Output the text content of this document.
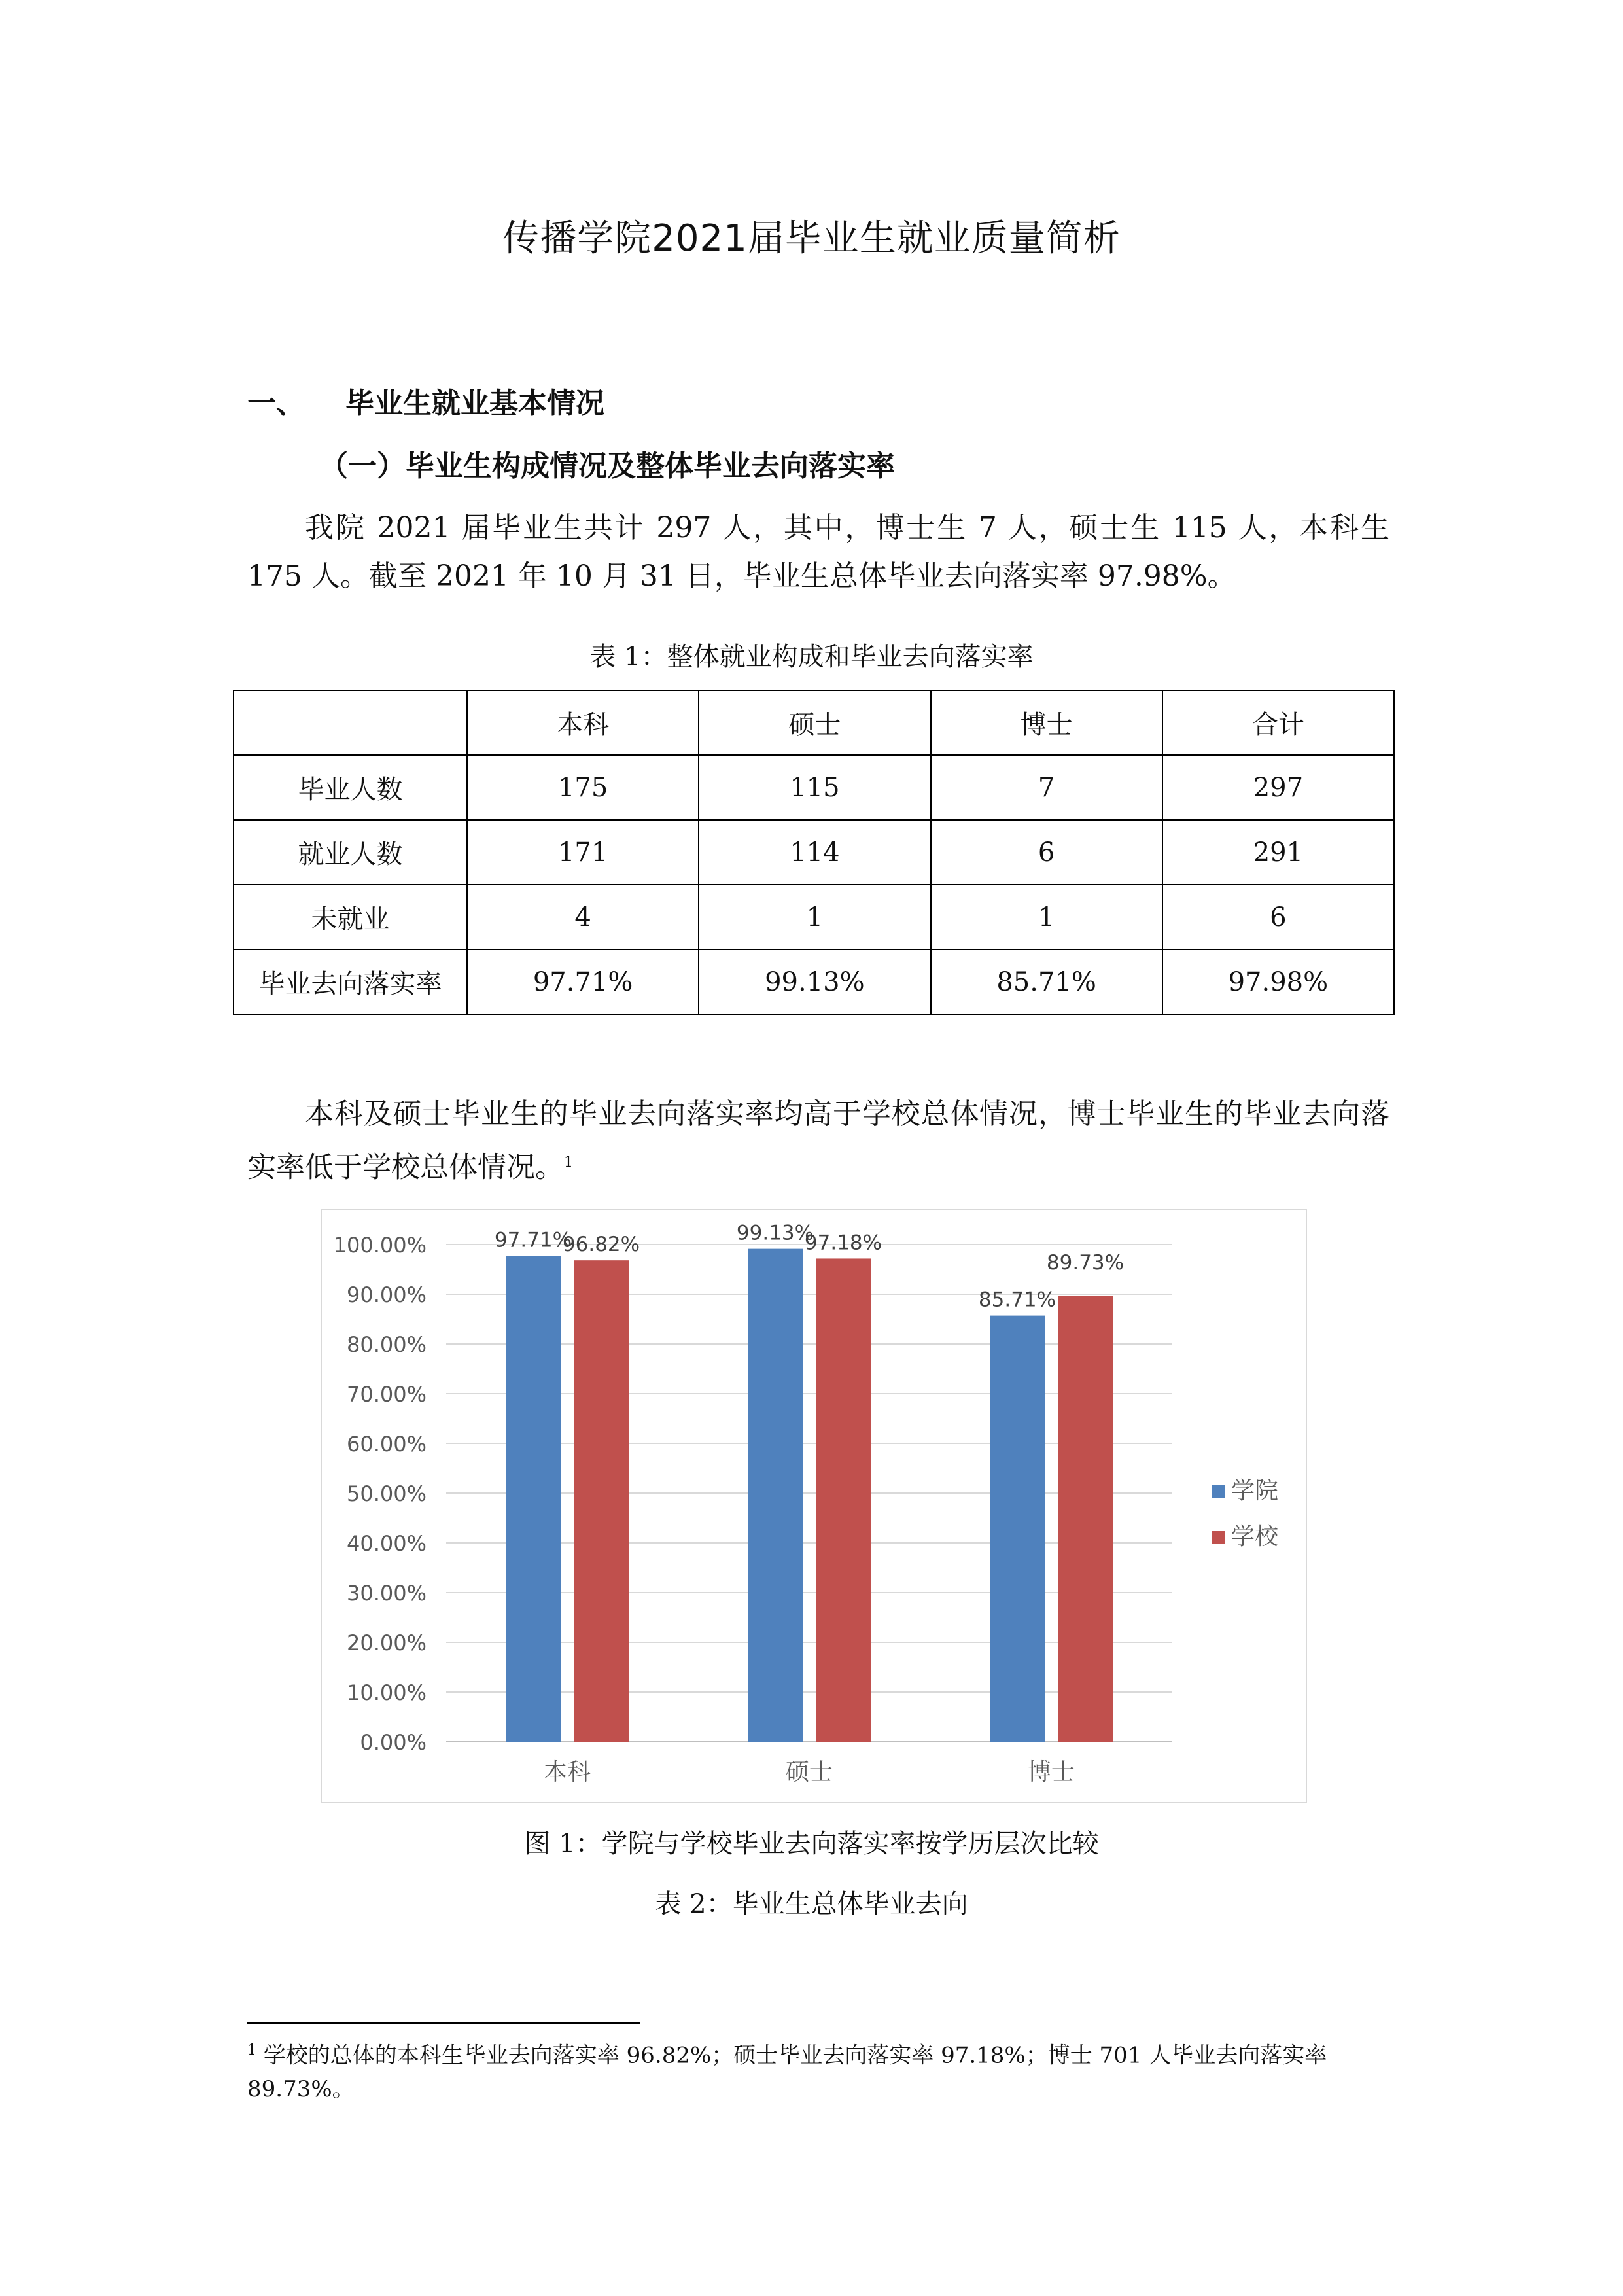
传播学院2021届毕业生就业质量简析
一、 毕业生就业基本情况
（一）毕业生构成情况及整体毕业去向落实率
我院 2021 届毕业生共计 297 人，其中，博士生 7 人，硕士生 115 人，本科生 175 人。截至 2021 年 10 月 31 日，毕业生总体毕业去向落实率 97.98%。
表 1：整体就业构成和毕业去向落实率
	本科	硕士	博士	合计
毕业人数	175	115	7	297
就业人数	171	114	6	291
未就业	4	1	1	6
毕业去向落实率	97.71%	99.13%	85.71%	97.98%
本科及硕士毕业生的毕业去向落实率均高于学校总体情况，博士毕业生的毕业去向落实率低于学校总体情况。$^1$
0.00%
10.00%
20.00%
30.00%
40.00%
50.00%
60.00%
70.00%
80.00%
90.00%
100.00%	97.71%
96.82%
本科
99.13%
97.18%
硕士
85.71%
89.73%
博士
学院
学校
图 1：学院与学校毕业去向落实率按学历层次比较
表 2：毕业生总体毕业去向
$^1$ 学校的总体的本科生毕业去向落实率 96.82%；硕士毕业去向落实率 97.18%；博士 701 人毕业去向落实率 89.73%。
